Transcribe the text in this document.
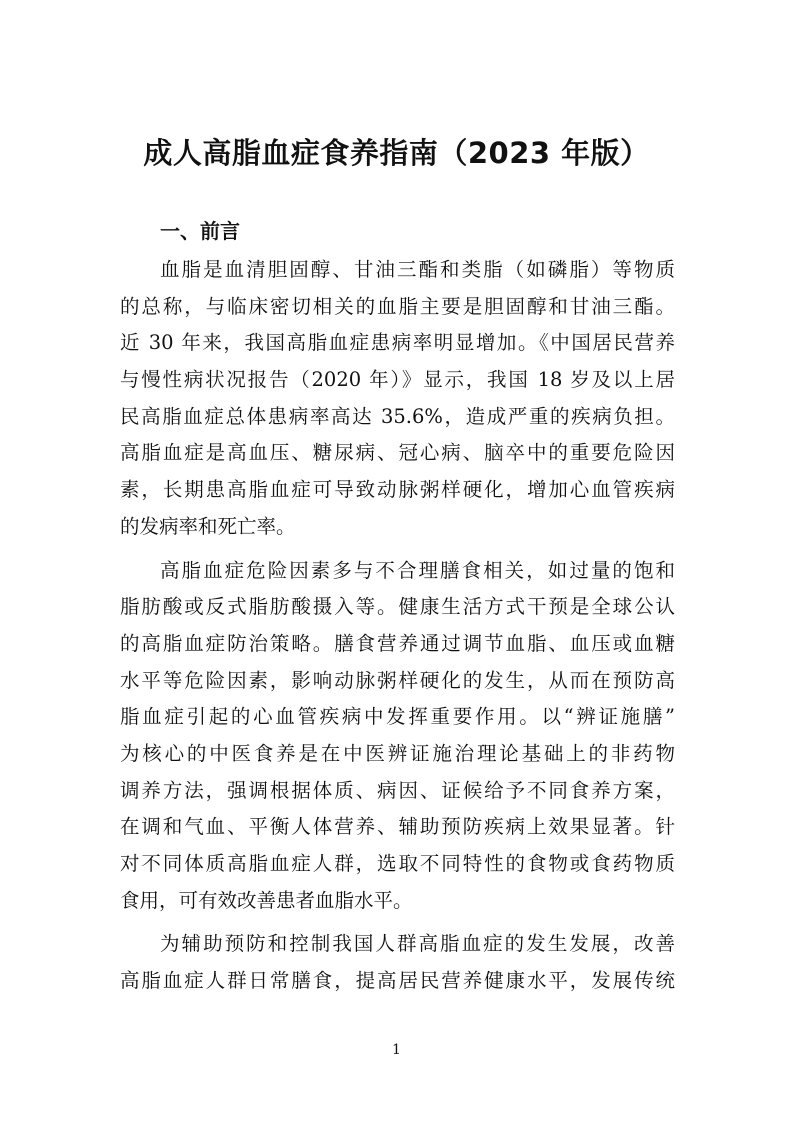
成人高脂血症食养指南（2023 年版）
一、前言
血脂是血清胆固醇、甘油三酯和类脂（如磷脂）等物质
的总称，与临床密切相关的血脂主要是胆固醇和甘油三酯。
近 30 年来，我国高脂血症患病率明显增加。《中国居民营养
与慢性病状况报告（2020 年）》显示，我国 18 岁及以上居
民高脂血症总体患病率高达 35.6%，造成严重的疾病负担。
高脂血症是高血压、糖尿病、冠心病、脑卒中的重要危险因
素，长期患高脂血症可导致动脉粥样硬化，增加心血管疾病
的发病率和死亡率。
高脂血症危险因素多与不合理膳食相关，如过量的饱和
脂肪酸或反式脂肪酸摄入等。健康生活方式干预是全球公认
的高脂血症防治策略。膳食营养通过调节血脂、血压或血糖
水平等危险因素，影响动脉粥样硬化的发生，从而在预防高
脂血症引起的心血管疾病中发挥重要作用。以“辨证施膳”
为核心的中医食养是在中医辨证施治理论基础上的非药物
调养方法，强调根据体质、病因、证候给予不同食养方案，
在调和气血、平衡人体营养、辅助预防疾病上效果显著。针
对不同体质高脂血症人群，选取不同特性的食物或食药物质
食用，可有效改善患者血脂水平。
为辅助预防和控制我国人群高脂血症的发生发展，改善
高脂血症人群日常膳食，提高居民营养健康水平，发展传统

1
